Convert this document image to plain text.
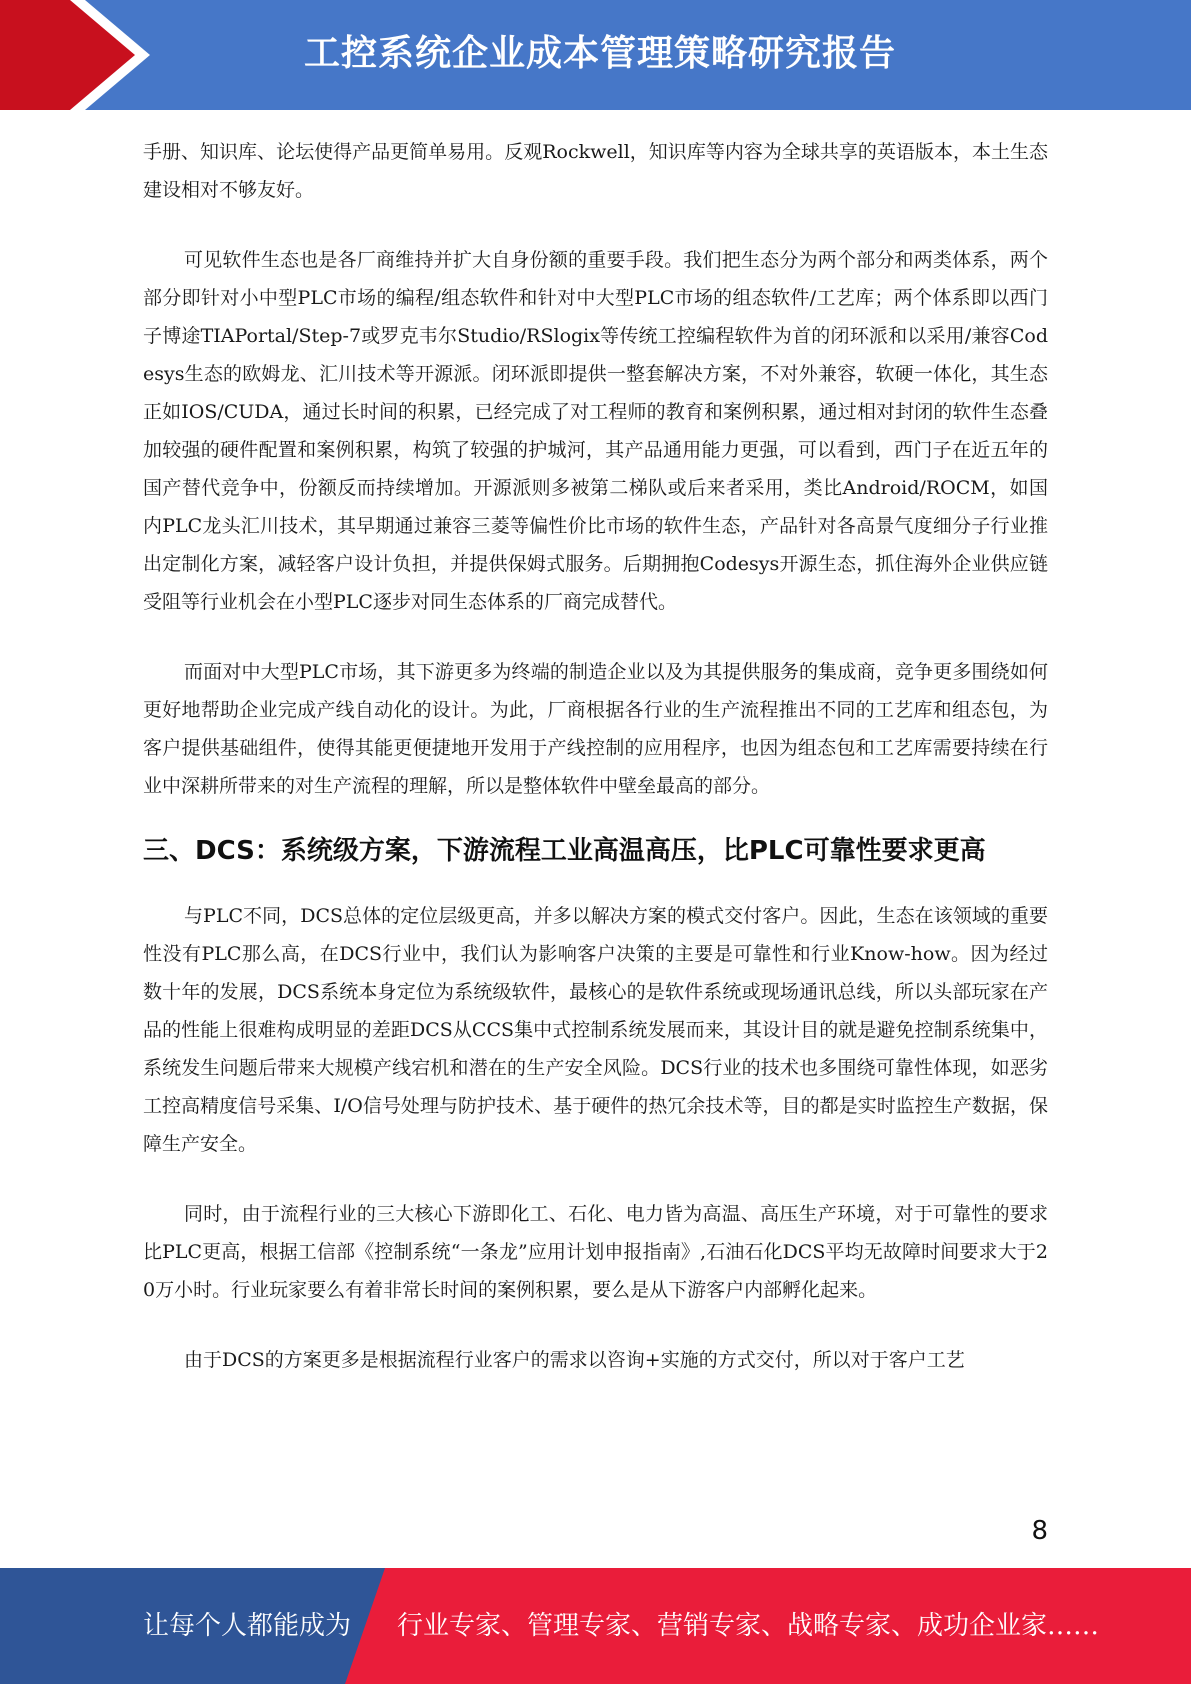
工控系统企业成本管理策略研究报告

手册、知识库、论坛使得产品更简单易用。反观Rockwell，知识库等内容为全球共享的英语版本，本土生态建设相对不够友好。

可见软件生态也是各厂商维持并扩大自身份额的重要手段。我们把生态分为两个部分和两类体系，两个部分即针对小中型PLC市场的编程/组态软件和针对中大型PLC市场的组态软件/工艺库；两个体系即以西门子博途TIAPortal/Step-7或罗克韦尔Studio/RSlogix等传统工控编程软件为首的闭环派和以采用/兼容Codesys生态的欧姆龙、汇川技术等开源派。闭环派即提供一整套解决方案，不对外兼容，软硬一体化，其生态正如IOS/CUDA，通过长时间的积累，已经完成了对工程师的教育和案例积累，通过相对封闭的软件生态叠加较强的硬件配置和案例积累，构筑了较强的护城河，其产品通用能力更强，可以看到，西门子在近五年的国产替代竞争中，份额反而持续增加。开源派则多被第二梯队或后来者采用，类比Android/ROCM，如国内PLC龙头汇川技术，其早期通过兼容三菱等偏性价比市场的软件生态，产品针对各高景气度细分子行业推出定制化方案，减轻客户设计负担，并提供保姆式服务。后期拥抱Codesys开源生态，抓住海外企业供应链受阻等行业机会在小型PLC逐步对同生态体系的厂商完成替代。

而面对中大型PLC市场，其下游更多为终端的制造企业以及为其提供服务的集成商，竞争更多围绕如何更好地帮助企业完成产线自动化的设计。为此，厂商根据各行业的生产流程推出不同的工艺库和组态包，为客户提供基础组件，使得其能更便捷地开发用于产线控制的应用程序，也因为组态包和工艺库需要持续在行业中深耕所带来的对生产流程的理解，所以是整体软件中壁垒最高的部分。

三、DCS：系统级方案，下游流程工业高温高压，比PLC可靠性要求更高

与PLC不同，DCS总体的定位层级更高，并多以解决方案的模式交付客户。因此，生态在该领域的重要性没有PLC那么高，在DCS行业中，我们认为影响客户决策的主要是可靠性和行业Know-how。因为经过数十年的发展，DCS系统本身定位为系统级软件，最核心的是软件系统或现场通讯总线，所以头部玩家在产品的性能上很难构成明显的差距DCS从CCS集中式控制系统发展而来，其设计目的就是避免控制系统集中，系统发生问题后带来大规模产线宕机和潜在的生产安全风险。DCS行业的技术也多围绕可靠性体现，如恶劣工控高精度信号采集、I/O信号处理与防护技术、基于硬件的热冗余技术等，目的都是实时监控生产数据，保障生产安全。

同时，由于流程行业的三大核心下游即化工、石化、电力皆为高温、高压生产环境，对于可靠性的要求比PLC更高，根据工信部《控制系统“一条龙”应用计划申报指南》,石油石化DCS平均无故障时间要求大于20万小时。行业玩家要么有着非常长时间的案例积累，要么是从下游客户内部孵化起来。

由于DCS的方案更多是根据流程行业客户的需求以咨询+实施的方式交付，所以对于客户工艺

8
让每个人都能成为 行业专家、管理专家、营销专家、战略专家、成功企业家……
